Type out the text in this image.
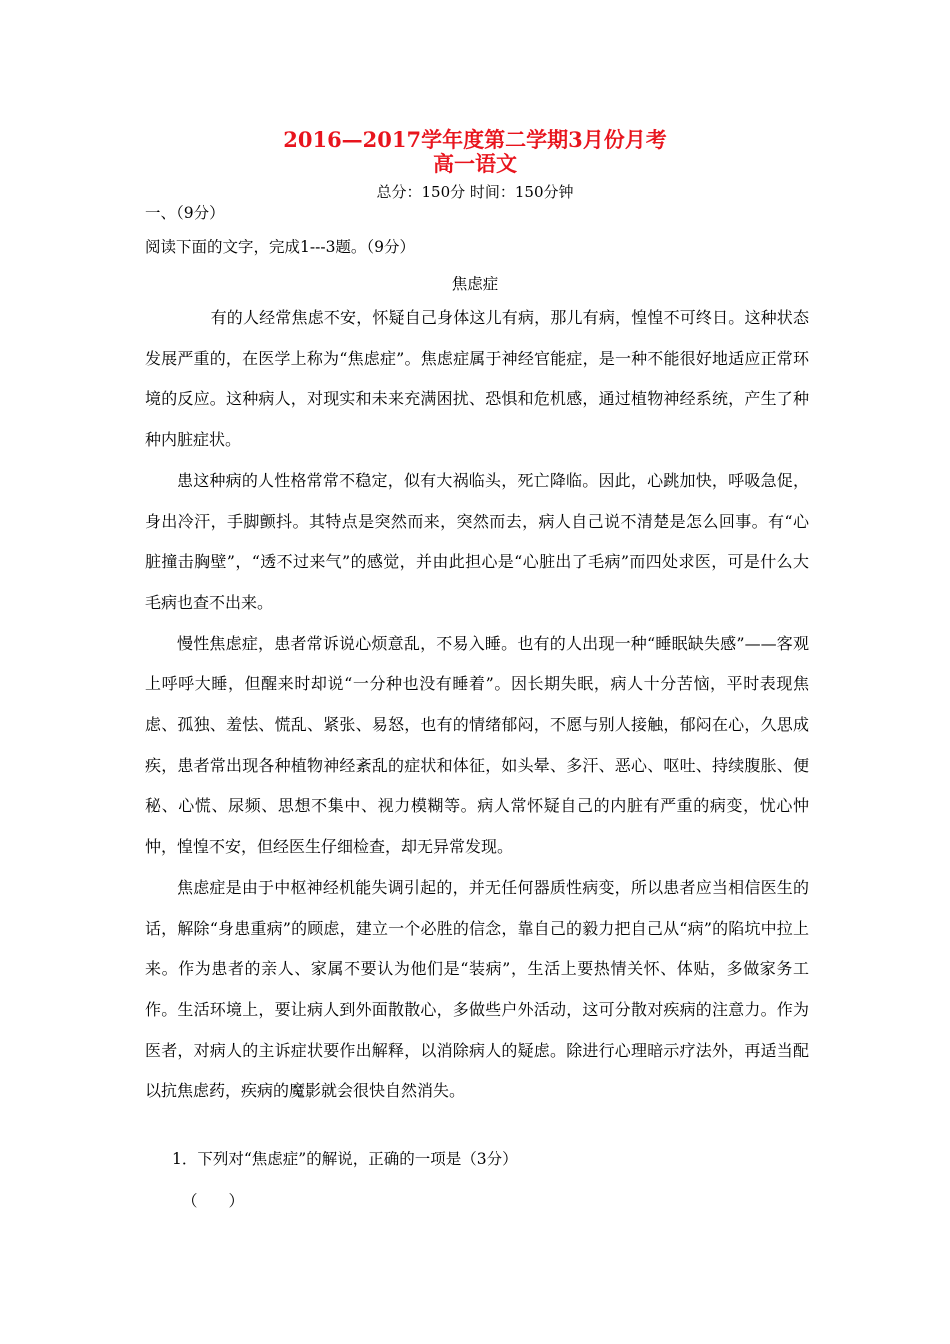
2016—2017学年度第二学期3月份月考
高一语文
总分：150分 时间：150分钟
一、（9分）
阅读下面的文字，完成1---3题。（9分）
焦虑症

有的人经常焦虑不安，怀疑自己身体这儿有病，那儿有病，惶惶不可终日。这种状态发展严重的，在医学上称为“焦虑症”。焦虑症属于神经官能症，是一种不能很好地适应正常环境的反应。这种病人，对现实和未来充满困扰、恐惧和危机感，通过植物神经系统，产生了种种内脏症状。

患这种病的人性格常常不稳定，似有大祸临头，死亡降临。因此，心跳加快，呼吸急促，身出冷汗，手脚颤抖。其特点是突然而来，突然而去，病人自己说不清楚是怎么回事。有“心脏撞击胸壁”，“透不过来气”的感觉，并由此担心是“心脏出了毛病”而四处求医，可是什么大毛病也查不出来。

慢性焦虑症，患者常诉说心烦意乱，不易入睡。也有的人出现一种“睡眠缺失感”——客观上呼呼大睡，但醒来时却说“一分种也没有睡着”。因长期失眠，病人十分苦恼，平时表现焦虑、孤独、羞怯、慌乱、紧张、易怒，也有的情绪郁闷，不愿与别人接触，郁闷在心，久思成疾，患者常出现各种植物神经紊乱的症状和体征，如头晕、多汗、恶心、呕吐、持续腹胀、便秘、心慌、尿频、思想不集中、视力模糊等。病人常怀疑自己的内脏有严重的病变，忧心忡忡，惶惶不安，但经医生仔细检查，却无异常发现。

焦虑症是由于中枢神经机能失调引起的，并无任何器质性病变，所以患者应当相信医生的话，解除“身患重病”的顾虑，建立一个必胜的信念，靠自己的毅力把自己从“病”的陷坑中拉上来。作为患者的亲人、家属不要认为他们是“装病”，生活上要热情关怀、体贴，多做家务工作。生活环境上，要让病人到外面散散心，多做些户外活动，这可分散对疾病的注意力。作为医者，对病人的主诉症状要作出解释，以消除病人的疑虑。除进行心理暗示疗法外，再适当配以抗焦虑药，疾病的魔影就会很快自然消失。

1．下列对“焦虑症”的解说，正确的一项是（3分）
（　　）
